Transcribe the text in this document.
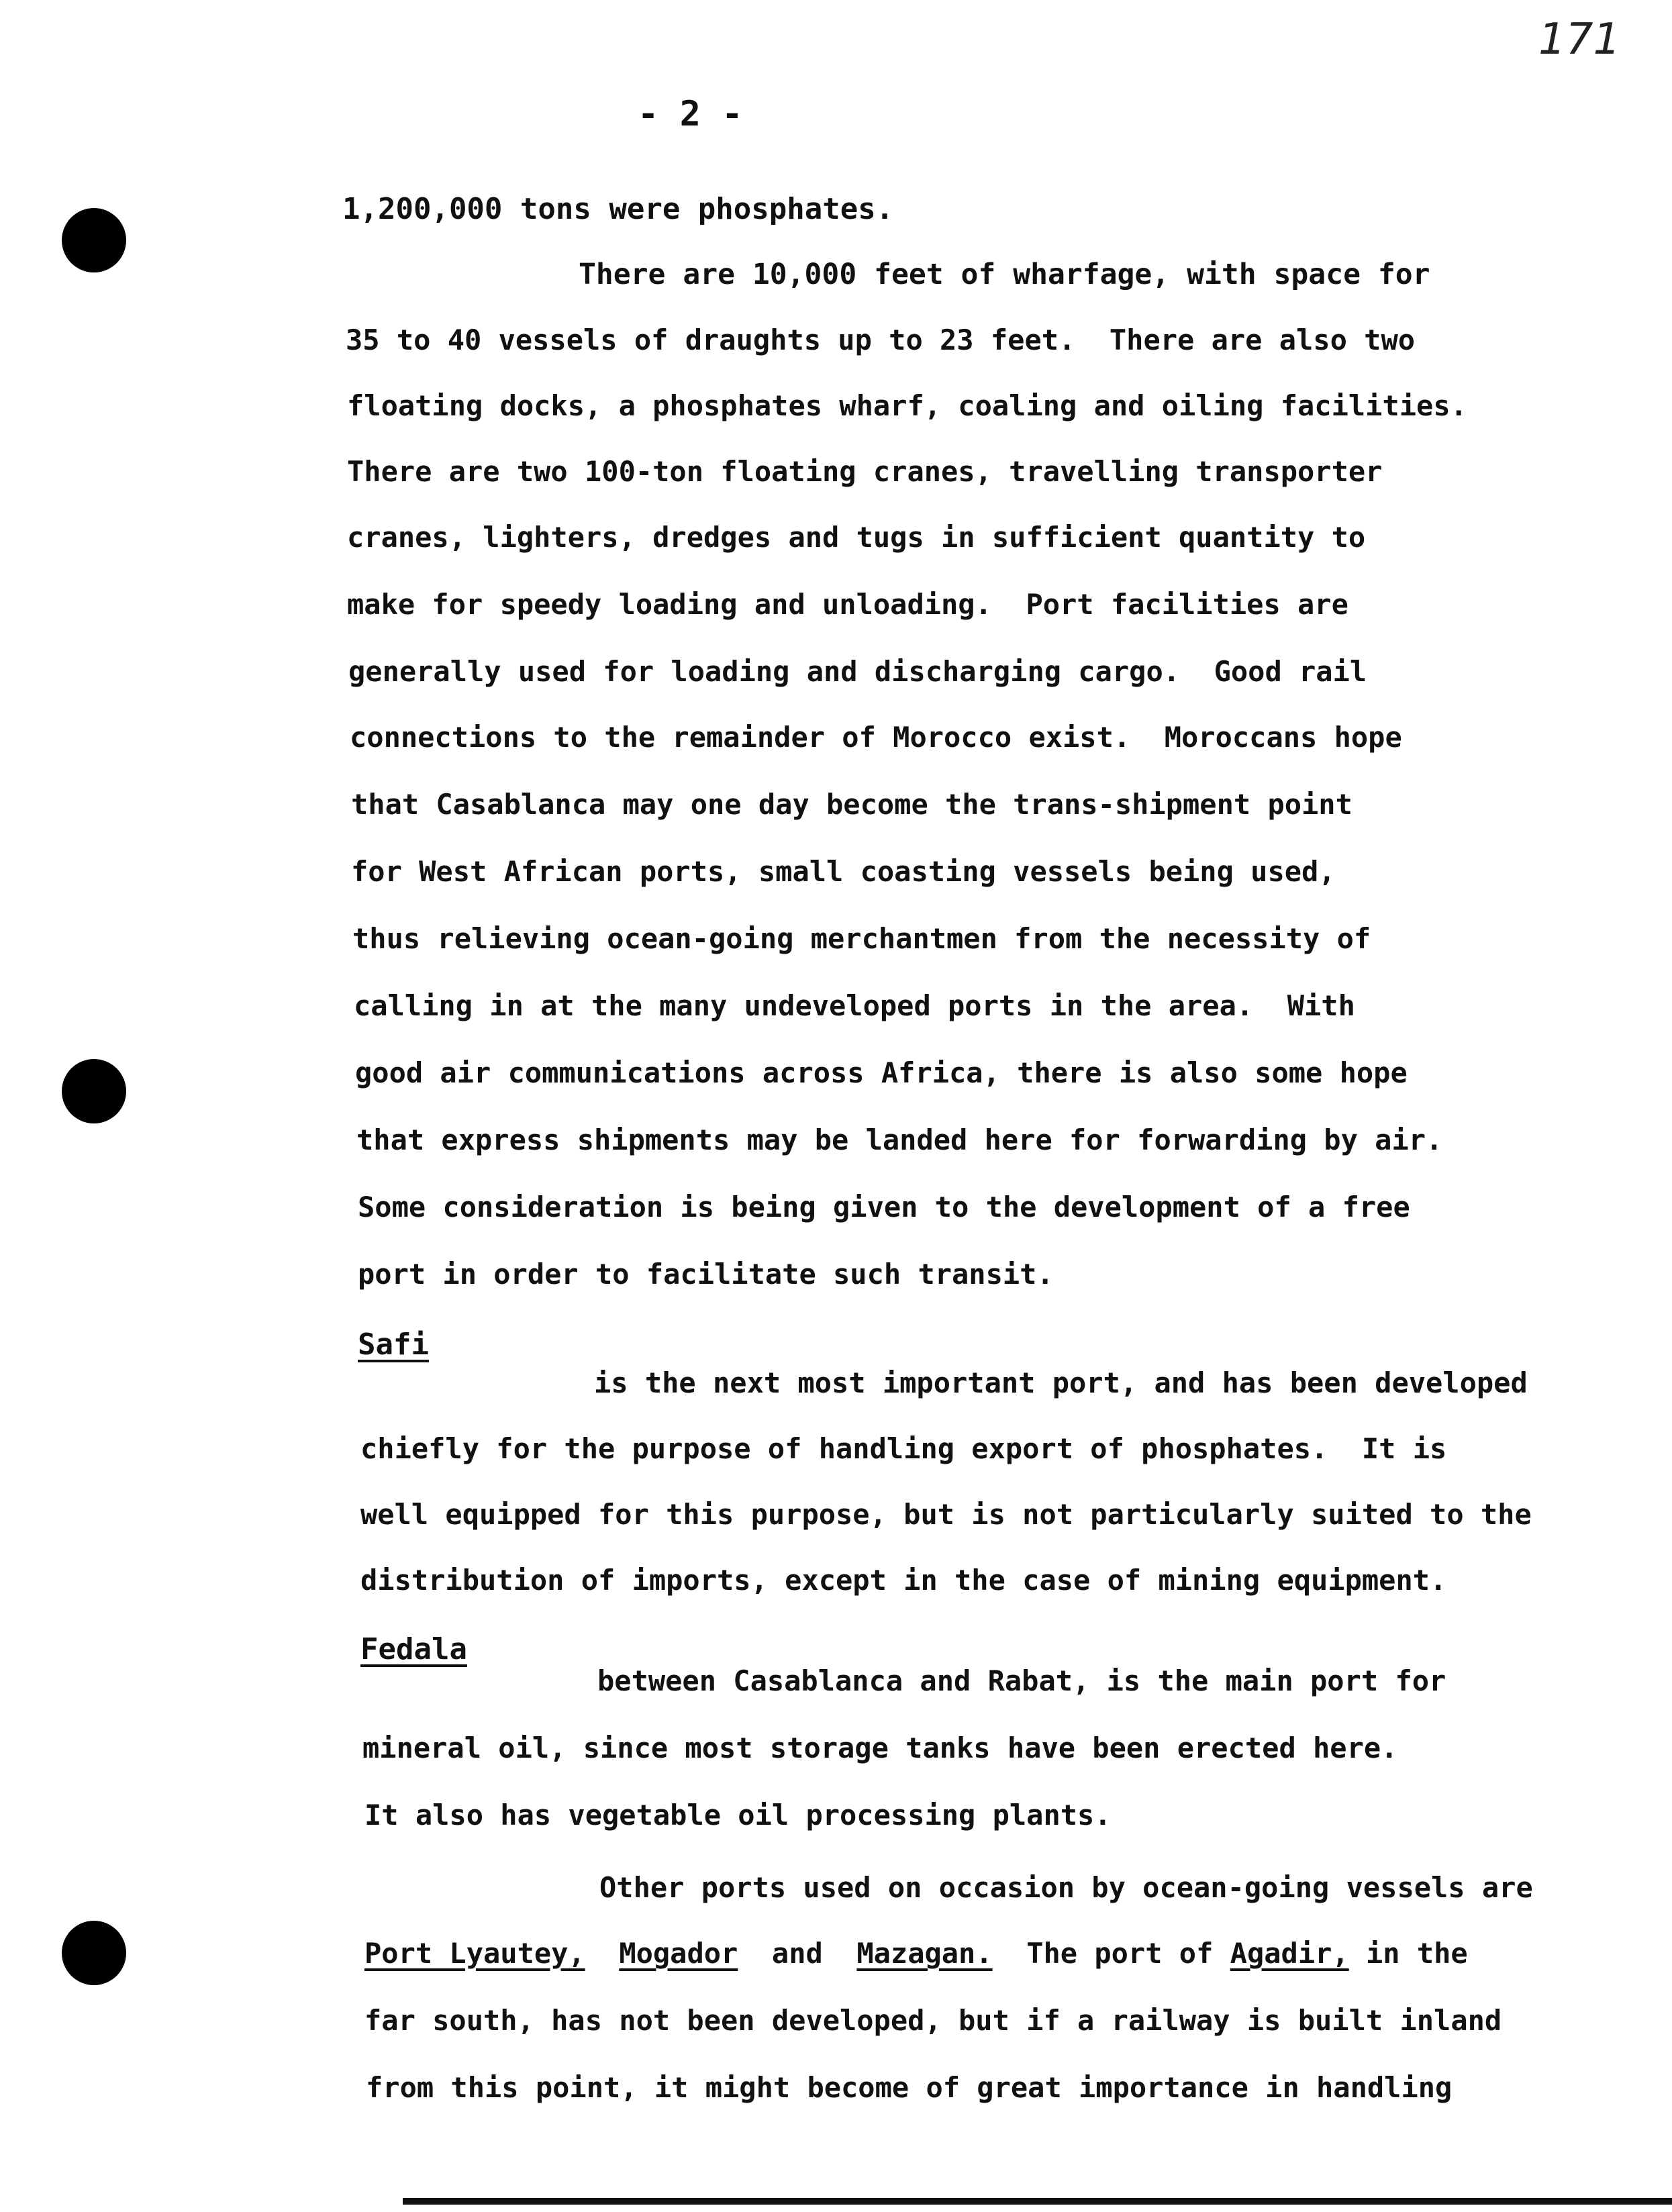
171
- 2 -
1,200,000 tons were phosphates.
There are 10,000 feet of wharfage, with space for
35 to 40 vessels of draughts up to 23 feet.  There are also two
floating docks, a phosphates wharf, coaling and oiling facilities.
There are two 100-ton floating cranes, travelling transporter
cranes, lighters, dredges and tugs in sufficient quantity to
make for speedy loading and unloading.  Port facilities are
generally used for loading and discharging cargo.  Good rail
connections to the remainder of Morocco exist.  Moroccans hope
that Casablanca may one day become the trans-shipment point
for West African ports, small coasting vessels being used,
thus relieving ocean-going merchantmen from the necessity of
calling in at the many undeveloped ports in the area.  With
good air communications across Africa, there is also some hope
that express shipments may be landed here for forwarding by air.
Some consideration is being given to the development of a free
port in order to facilitate such transit.
Safi
is the next most important port, and has been developed
chiefly for the purpose of handling export of phosphates.  It is
well equipped for this purpose, but is not particularly suited to the
distribution of imports, except in the case of mining equipment.
Fedala
between Casablanca and Rabat, is the main port for
mineral oil, since most storage tanks have been erected here.
It also has vegetable oil processing plants.
Other ports used on occasion by ocean-going vessels are
Port Lyautey, Mogador and Mazagan. The port of Agadir, in the
far south, has not been developed, but if a railway is built inland
from this point, it might become of great importance in handling
